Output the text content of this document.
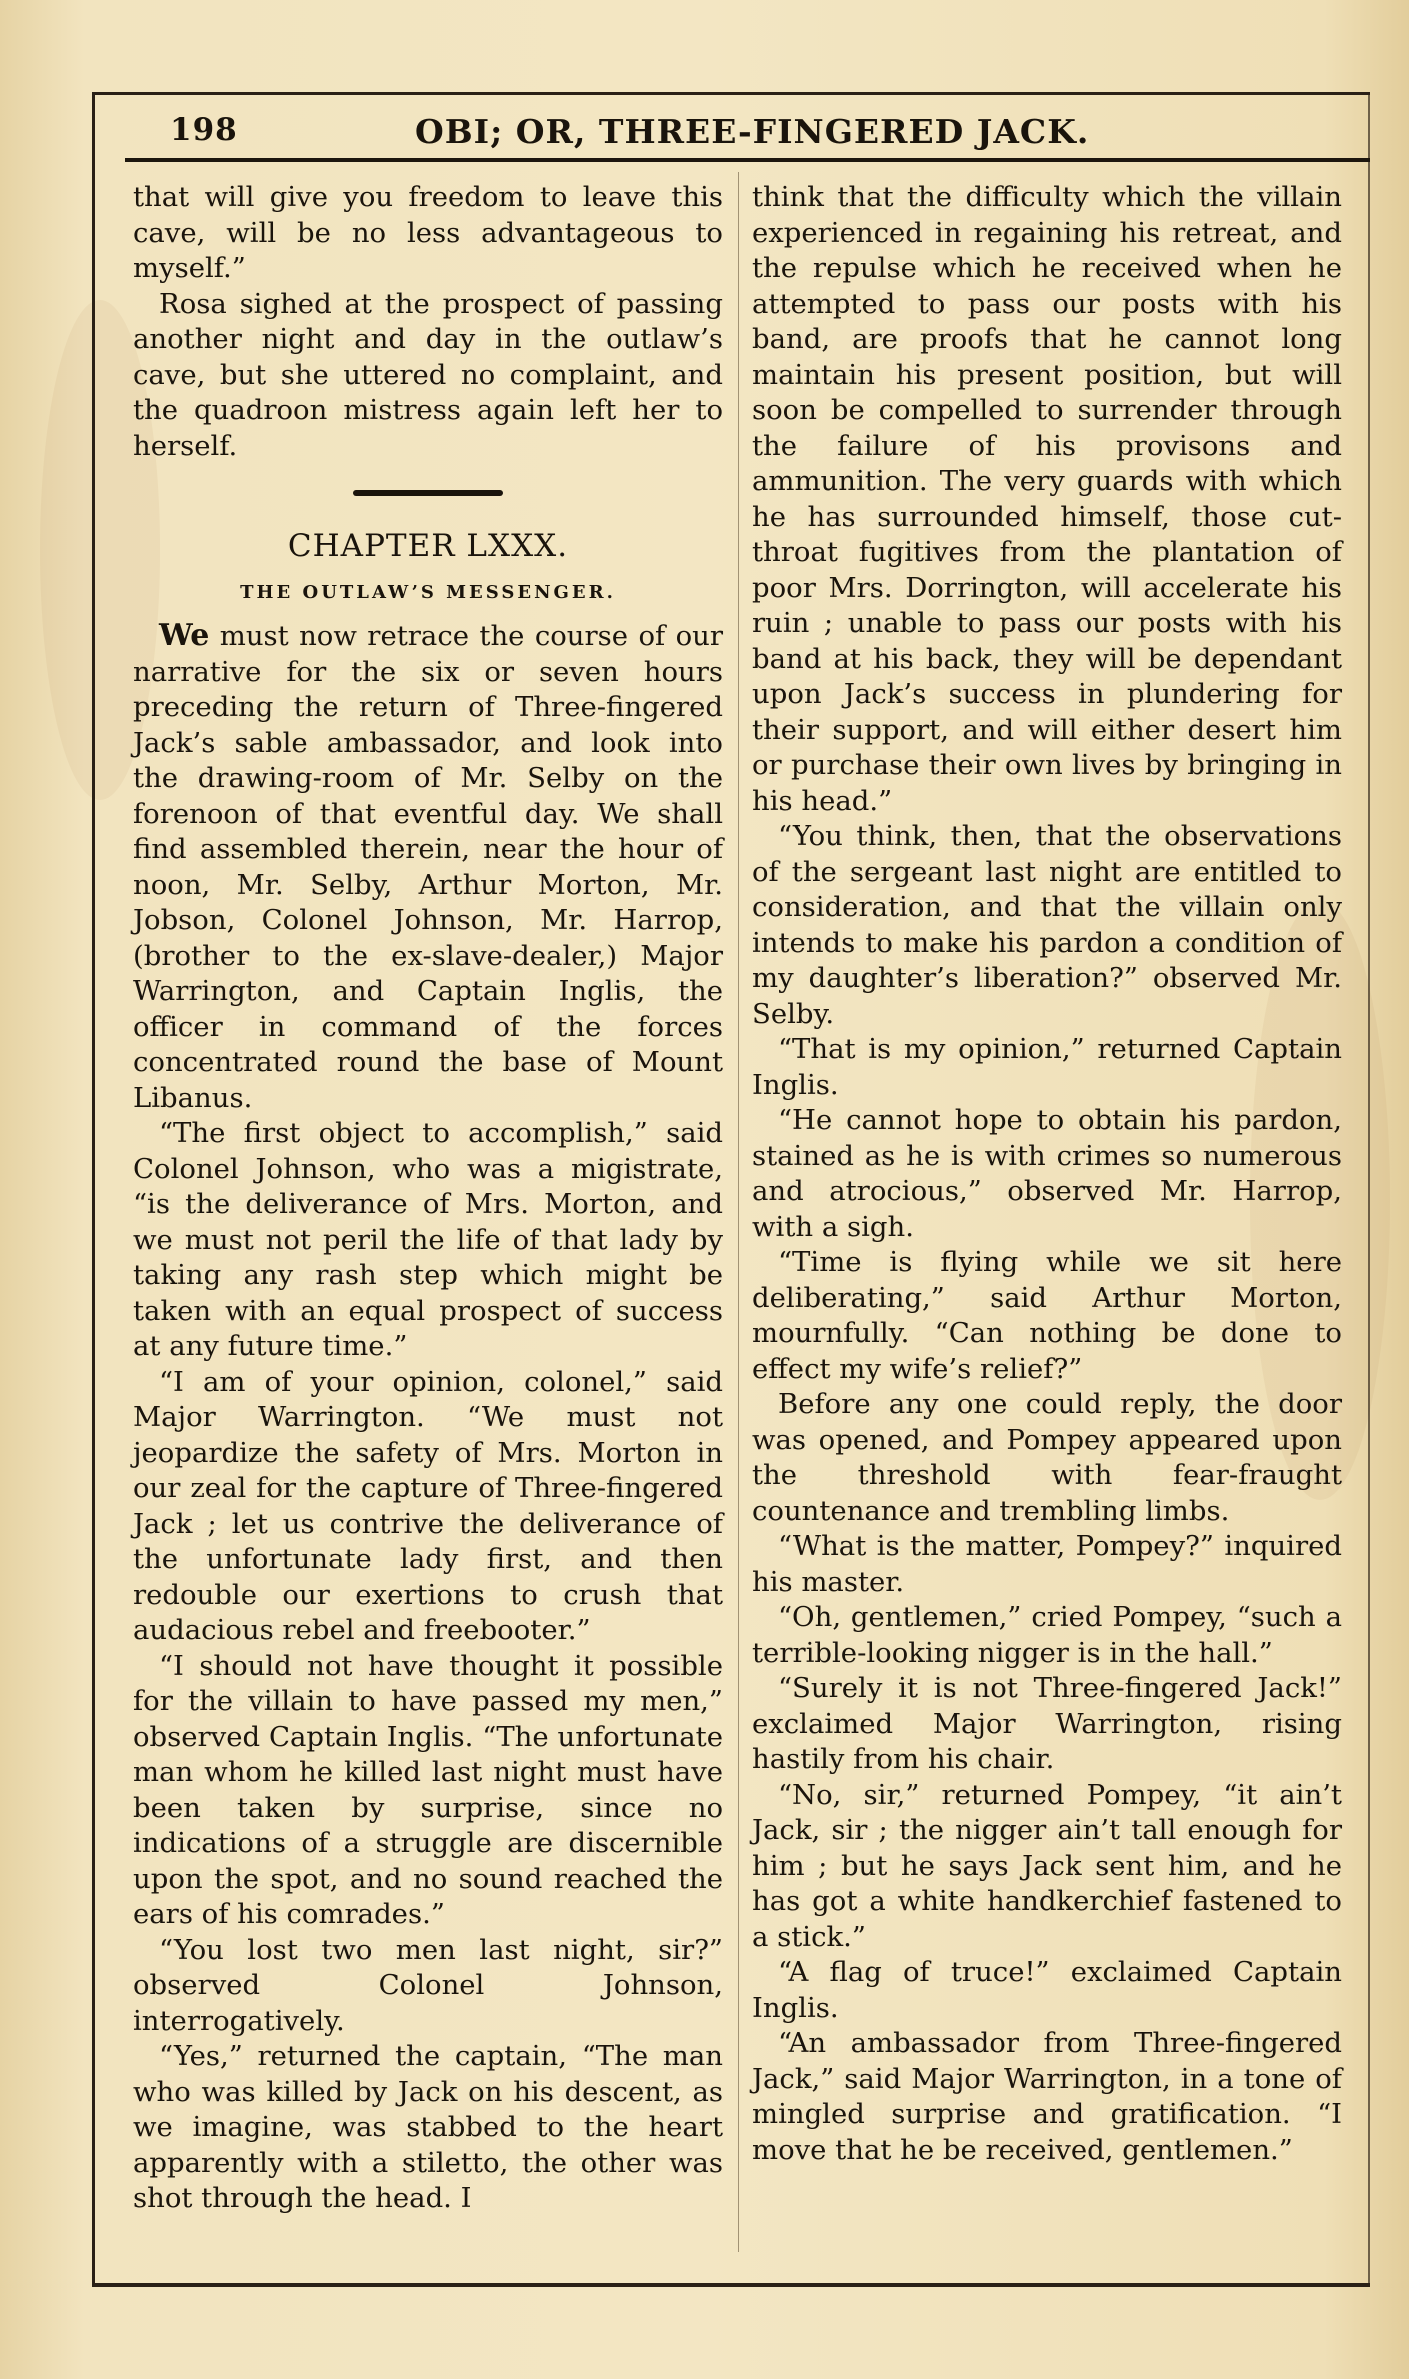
198	OBI; OR, THREE-FINGERED JACK.

that will give you freedom to leave this cave, will be no less advantageous to myself.”

Rosa sighed at the prospect of passing another night and day in the outlaw’s cave, but she uttered no complaint, and the quadroon mistress again left her to herself.

CHAPTER LXXX.
THE OUTLAW’S MESSENGER.

We must now retrace the course of our narrative for the six or seven hours preceding the return of Three-fingered Jack’s sable ambassador, and look into the drawing-room of Mr. Selby on the forenoon of that eventful day. We shall find assembled therein, near the hour of noon, Mr. Selby, Arthur Morton, Mr. Jobson, Colonel Johnson, Mr. Harrop, (brother to the ex-slave-dealer,) Major Warrington, and Captain Inglis, the officer in command of the forces concentrated round the base of Mount Libanus.

“The first object to accomplish,” said Colonel Johnson, who was a migistrate, “is the deliverance of Mrs. Morton, and we must not peril the life of that lady by taking any rash step which might be taken with an equal prospect of success at any future time.”

“I am of your opinion, colonel,” said Major Warrington. “We must not jeopardize the safety of Mrs. Morton in our zeal for the capture of Three-fingered Jack ; let us contrive the deliverance of the unfortunate lady first, and then redouble our exertions to crush that audacious rebel and freebooter.”

“I should not have thought it possible for the villain to have passed my men,” observed Captain Inglis. “The unfortunate man whom he killed last night must have been taken by surprise, since no indications of a struggle are discernible upon the spot, and no sound reached the ears of his comrades.”

“You lost two men last night, sir?” observed Colonel Johnson, interrogatively.

“Yes,” returned the captain, “The man who was killed by Jack on his descent, as we imagine, was stabbed to the heart apparently with a stiletto, the other was shot through the head. I

think that the difficulty which the villain experienced in regaining his retreat, and the repulse which he received when he attempted to pass our posts with his band, are proofs that he cannot long maintain his present position, but will soon be compelled to surrender through the failure of his provisons and ammunition. The very guards with which he has surrounded himself, those cut-throat fugitives from the plantation of poor Mrs. Dorrington, will accelerate his ruin ; unable to pass our posts with his band at his back, they will be dependant upon Jack’s success in plundering for their support, and will either desert him or purchase their own lives by bringing in his head.”

“You think, then, that the observations of the sergeant last night are entitled to consideration, and that the villain only intends to make his pardon a condition of my daughter’s liberation?” observed Mr. Selby.

“That is my opinion,” returned Captain Inglis.

“He cannot hope to obtain his pardon, stained as he is with crimes so numerous and atrocious,” observed Mr. Harrop, with a sigh.

“Time is flying while we sit here deliberating,” said Arthur Morton, mournfully. “Can nothing be done to effect my wife’s relief?”

Before any one could reply, the door was opened, and Pompey appeared upon the threshold with fear-fraught countenance and trembling limbs.

“What is the matter, Pompey?” inquired his master.

“Oh, gentlemen,” cried Pompey, “such a terrible-looking nigger is in the hall.”

“Surely it is not Three-fingered Jack!” exclaimed Major Warrington, rising hastily from his chair.

“No, sir,” returned Pompey, “it ain’t Jack, sir ; the nigger ain’t tall enough for him ; but he says Jack sent him, and he has got a white handkerchief fastened to a stick.”

“A flag of truce!” exclaimed Captain Inglis.

“An ambassador from Three-fingered Jack,” said Major Warrington, in a tone of mingled surprise and gratification. “I move that he be received, gentlemen.”
